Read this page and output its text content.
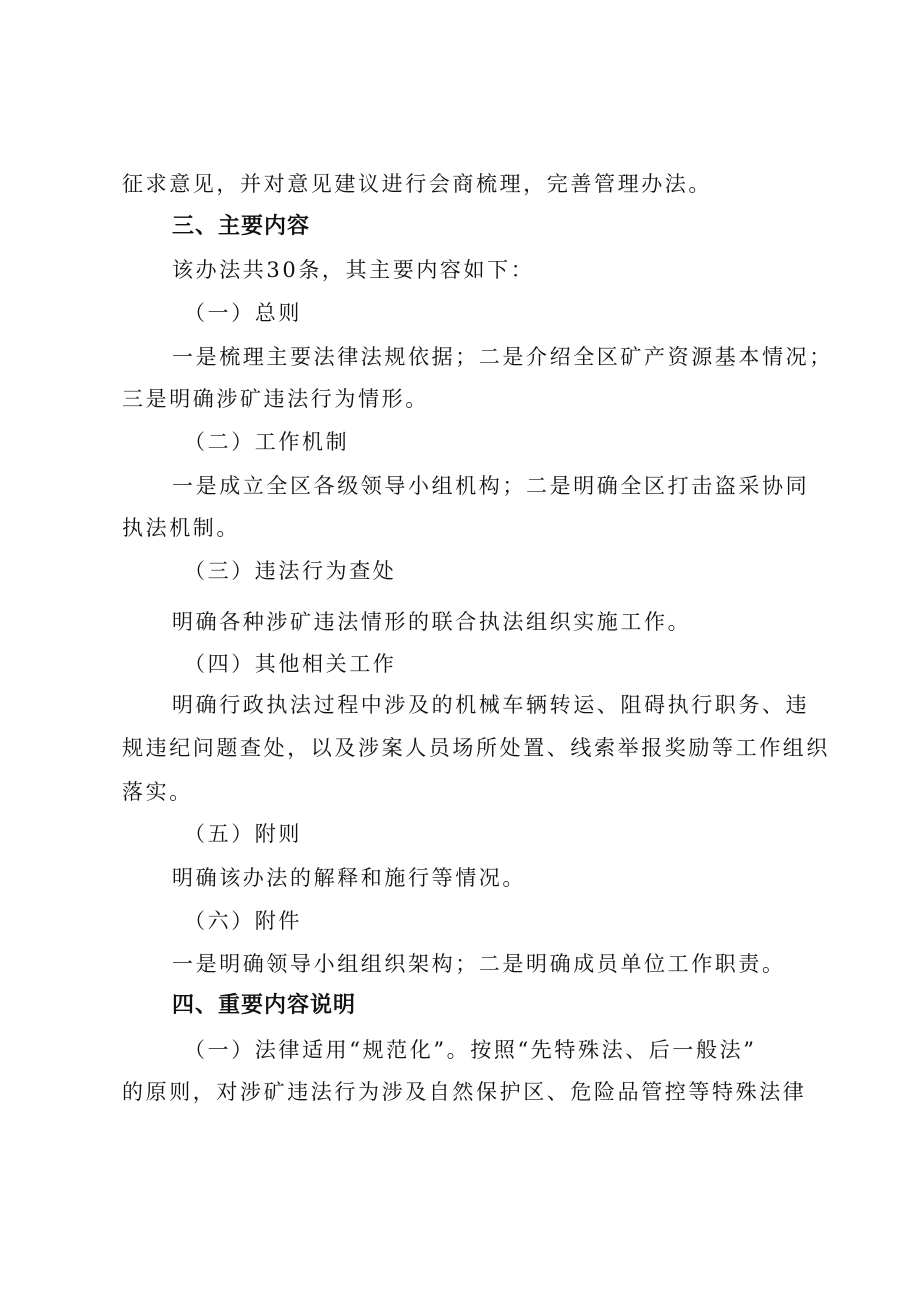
征求意见，并对意见建议进行会商梳理，完善管理办法。
三、主要内容
该办法共30条，其主要内容如下：
（一）总则
一是梳理主要法律法规依据；二是介绍全区矿产资源基本情况；
三是明确涉矿违法行为情形。
（二）工作机制
一是成立全区各级领导小组机构；二是明确全区打击盗采协同
执法机制。
（三）违法行为查处
明确各种涉矿违法情形的联合执法组织实施工作。
（四）其他相关工作
明确行政执法过程中涉及的机械车辆转运、阻碍执行职务、违
规违纪问题查处，以及涉案人员场所处置、线索举报奖励等工作组织
落实。
（五）附则
明确该办法的解释和施行等情况。
（六）附件
一是明确领导小组组织架构；二是明确成员单位工作职责。
四、重要内容说明
（一）法律适用“规范化”。按照“先特殊法、后一般法”
的原则，对涉矿违法行为涉及自然保护区、危险品管控等特殊法律
